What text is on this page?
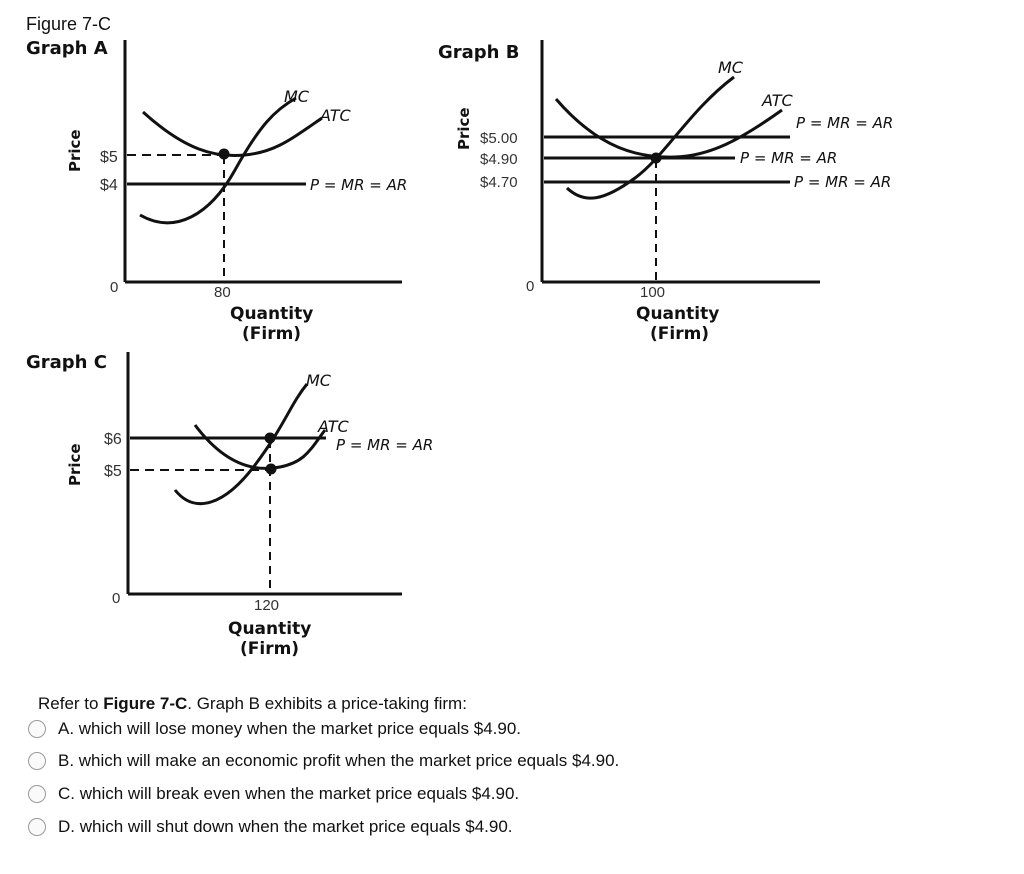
Figure 7-C
Graph A
Price $5
$4
0	80
MC
ATC
P = MR = AR
Quantity
(Firm)
Graph B
Price $5.00
$4.90
$4.70
0	100
MC
ATC
P = MR = AR
P = MR = AR
P = MR = AR
Quantity
(Firm)
Graph C
Price
$6
$5
0	120
MC
ATC
P = MR = AR
Quantity
(Firm)
Refer to Figure 7-C. Graph B exhibits a price-taking firm:
A. which will lose money when the market price equals $4.90.
B. which will make an economic profit when the market price equals $4.90.
C. which will break even when the market price equals $4.90.
D. which will shut down when the market price equals $4.90.
